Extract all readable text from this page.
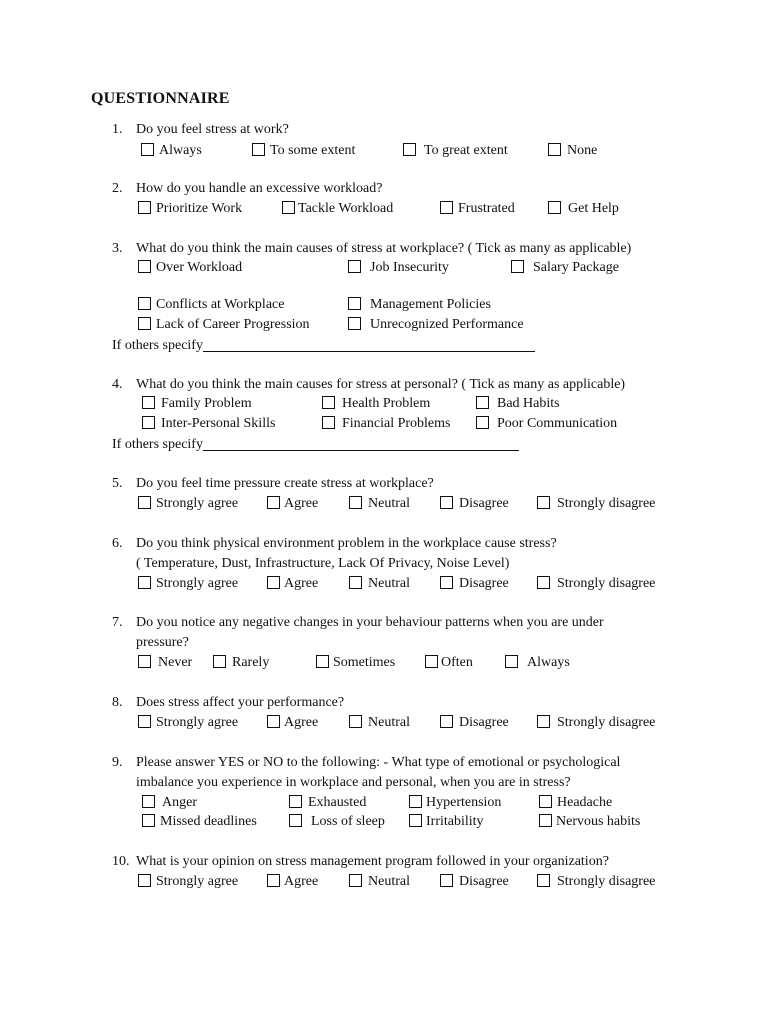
QUESTIONNAIRE
1. Do you feel stress at work?
Always	To some extent	To great extent	None
2. How do you handle an excessive workload?
Prioritize Work	Tackle Workload	Frustrated	Get Help
3. What do you think the main causes of stress at workplace? ( Tick as many as applicable)
Over Workload	Job Insecurity	Salary Package
Conflicts at Workplace	Management Policies
Lack of Career Progression	Unrecognized Performance
If others specify
4. What do you think the main causes for stress at personal? ( Tick as many as applicable)
Family Problem	Health Problem	Bad Habits
Inter-Personal Skills	Financial Problems	Poor Communication
If others specify
5. Do you feel time pressure create stress at workplace?
Strongly agree	Agree	Neutral	Disagree	Strongly disagree
6. Do you think physical environment problem in the workplace cause stress?
( Temperature, Dust, Infrastructure, Lack Of Privacy, Noise Level)
Strongly agree	Agree	Neutral	Disagree	Strongly disagree
7. Do you notice any negative changes in your behaviour patterns when you are under
pressure?
Never	Rarely	Sometimes	Often	Always
8. Does stress affect your performance?
Strongly agree	Agree	Neutral	Disagree	Strongly disagree
9. Please answer YES or NO to the following: - What type of emotional or psychological
imbalance you experience in workplace and personal, when you are in stress?
Anger	Exhausted	Hypertension	Headache
Missed deadlines	Loss of sleep	Irritability	Nervous habits
10. What is your opinion on stress management program followed in your organization?
Strongly agree	Agree	Neutral	Disagree	Strongly disagree
